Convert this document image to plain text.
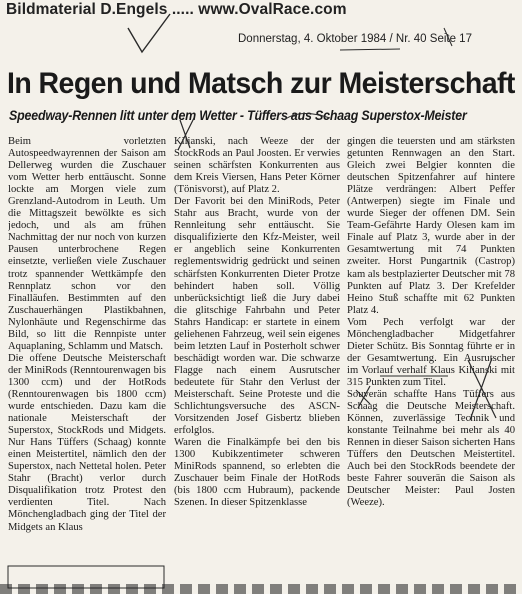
Bildmaterial D.Engels ..... www.OvalRace.com
Donnerstag, 4. Oktober 1984 / Nr. 40 Seite 17
In Regen und Matsch zur Meisterschaft
Speedway-Rennen litt unter dem Wetter - Tüffers aus Schaag Superstox-Meister

Beim vorletzten Autospeedwayrennen der Saison am Dellerweg wurden die Zuschauer vom Wetter herb enttäuscht. Sonne lockte am Morgen viele zum Grenzland-Autodrom in Leuth. Um die Mittagszeit bewölkte es sich jedoch, und als am frühen Nachmittag der nur noch von kurzen Pausen unterbrochene Regen einsetzte, verließen viele Zuschauer trotz spannender Wettkämpfe den Rennplatz schon vor den Finalläufen. Bestimmten auf den Zuschauerhängen Plastikbahnen, Nylonhäute und Regenschirme das Bild, so litt die Rennpiste unter Aquaplaning, Schlamm und Matsch.

Die offene Deutsche Meisterschaft der MiniRods (Renntourenwagen bis 1300 ccm) und der HotRods (Renntourenwagen bis 1800 ccm) wurde entschieden. Dazu kam die nationale Meisterschaft der Superstox, StockRods und Midgets. Nur Hans Tüffers (Schaag) konnte einen Meistertitel, nämlich den der Superstox, nach Nettetal holen. Peter Stahr (Bracht) verlor durch Disqualifikation trotz Protest den verdienten Titel. Nach Mönchengladbach ging der Titel der Midgets an Klaus

Kilianski, nach Weeze der der StockRods an Paul Joosten. Er verwies seinen schärfsten Konkurrenten aus dem Kreis Viersen, Hans Peter Körner (Tönisvorst), auf Platz 2.

Der Favorit bei den MiniRods, Peter Stahr aus Bracht, wurde von der Rennleitung sehr enttäuscht. Sie disqualifizierte den Kfz-Meister, weil er angeblich seine Konkurrenten reglementswidrig gedrückt und seinen schärfsten Konkurrenten Dieter Protze behindert haben soll. Völlig unberücksichtigt ließ die Jury dabei die glitschige Fahrbahn und Peter Stahrs Handicap: er startete in einem geliehenen Fahrzeug, weil sein eigenes beim letzten Lauf in Posterholt schwer beschädigt worden war. Die schwarze Flagge nach einem Ausrutscher bedeutete für Stahr den Verlust der Meisterschaft. Seine Proteste und die Schlichtungsversuche des ASCN-Vorsitzenden Josef Gisbertz blieben erfolglos.

Waren die Finalkämpfe bei den bis 1300 Kubikzentimeter schweren MiniRods spannend, so erlebten die Zuschauer beim Finale der HotRods (bis 1800 ccm Hubraum), packende Szenen. In dieser Spitzenklasse

gingen die teuersten und am stärksten getunten Rennwagen an den Start. Gleich zwei Belgier konnten die deutschen Spitzenfahrer auf hintere Plätze verdrängen: Albert Peffer (Antwerpen) siegte im Finale und wurde Sieger der offenen DM. Sein Team-Gefährte Hardy Olesen kam im Finale auf Platz 3, wurde aber in der Gesamtwertung mit 74 Punkten zweiter. Horst Pungartnik (Castrop) kam als bestplazierter Deutscher mit 78 Punkten auf Platz 3. Der Krefelder Heino Stuß schaffte mit 62 Punkten Platz 4.

Vom Pech verfolgt war der Mönchengladbacher Midgetfahrer Dieter Schütz. Bis Sonntag führte er in der Gesamtwertung. Ein Ausrutscher im Vorlauf verhalf Klaus Kilianski mit 315 Punkten zum Titel.

Souverän schaffte Hans Tüffers aus Schaag die Deutsche Meisterschaft. Können, zuverlässige Technik und konstante Teilnahme bei mehr als 40 Rennen in dieser Saison sicherten Hans Tüffers den Deutschen Meistertitel. Auch bei den StockRods beendete der beste Fahrer souverän die Saison als Deutscher Meister: Paul Josten (Weeze).
